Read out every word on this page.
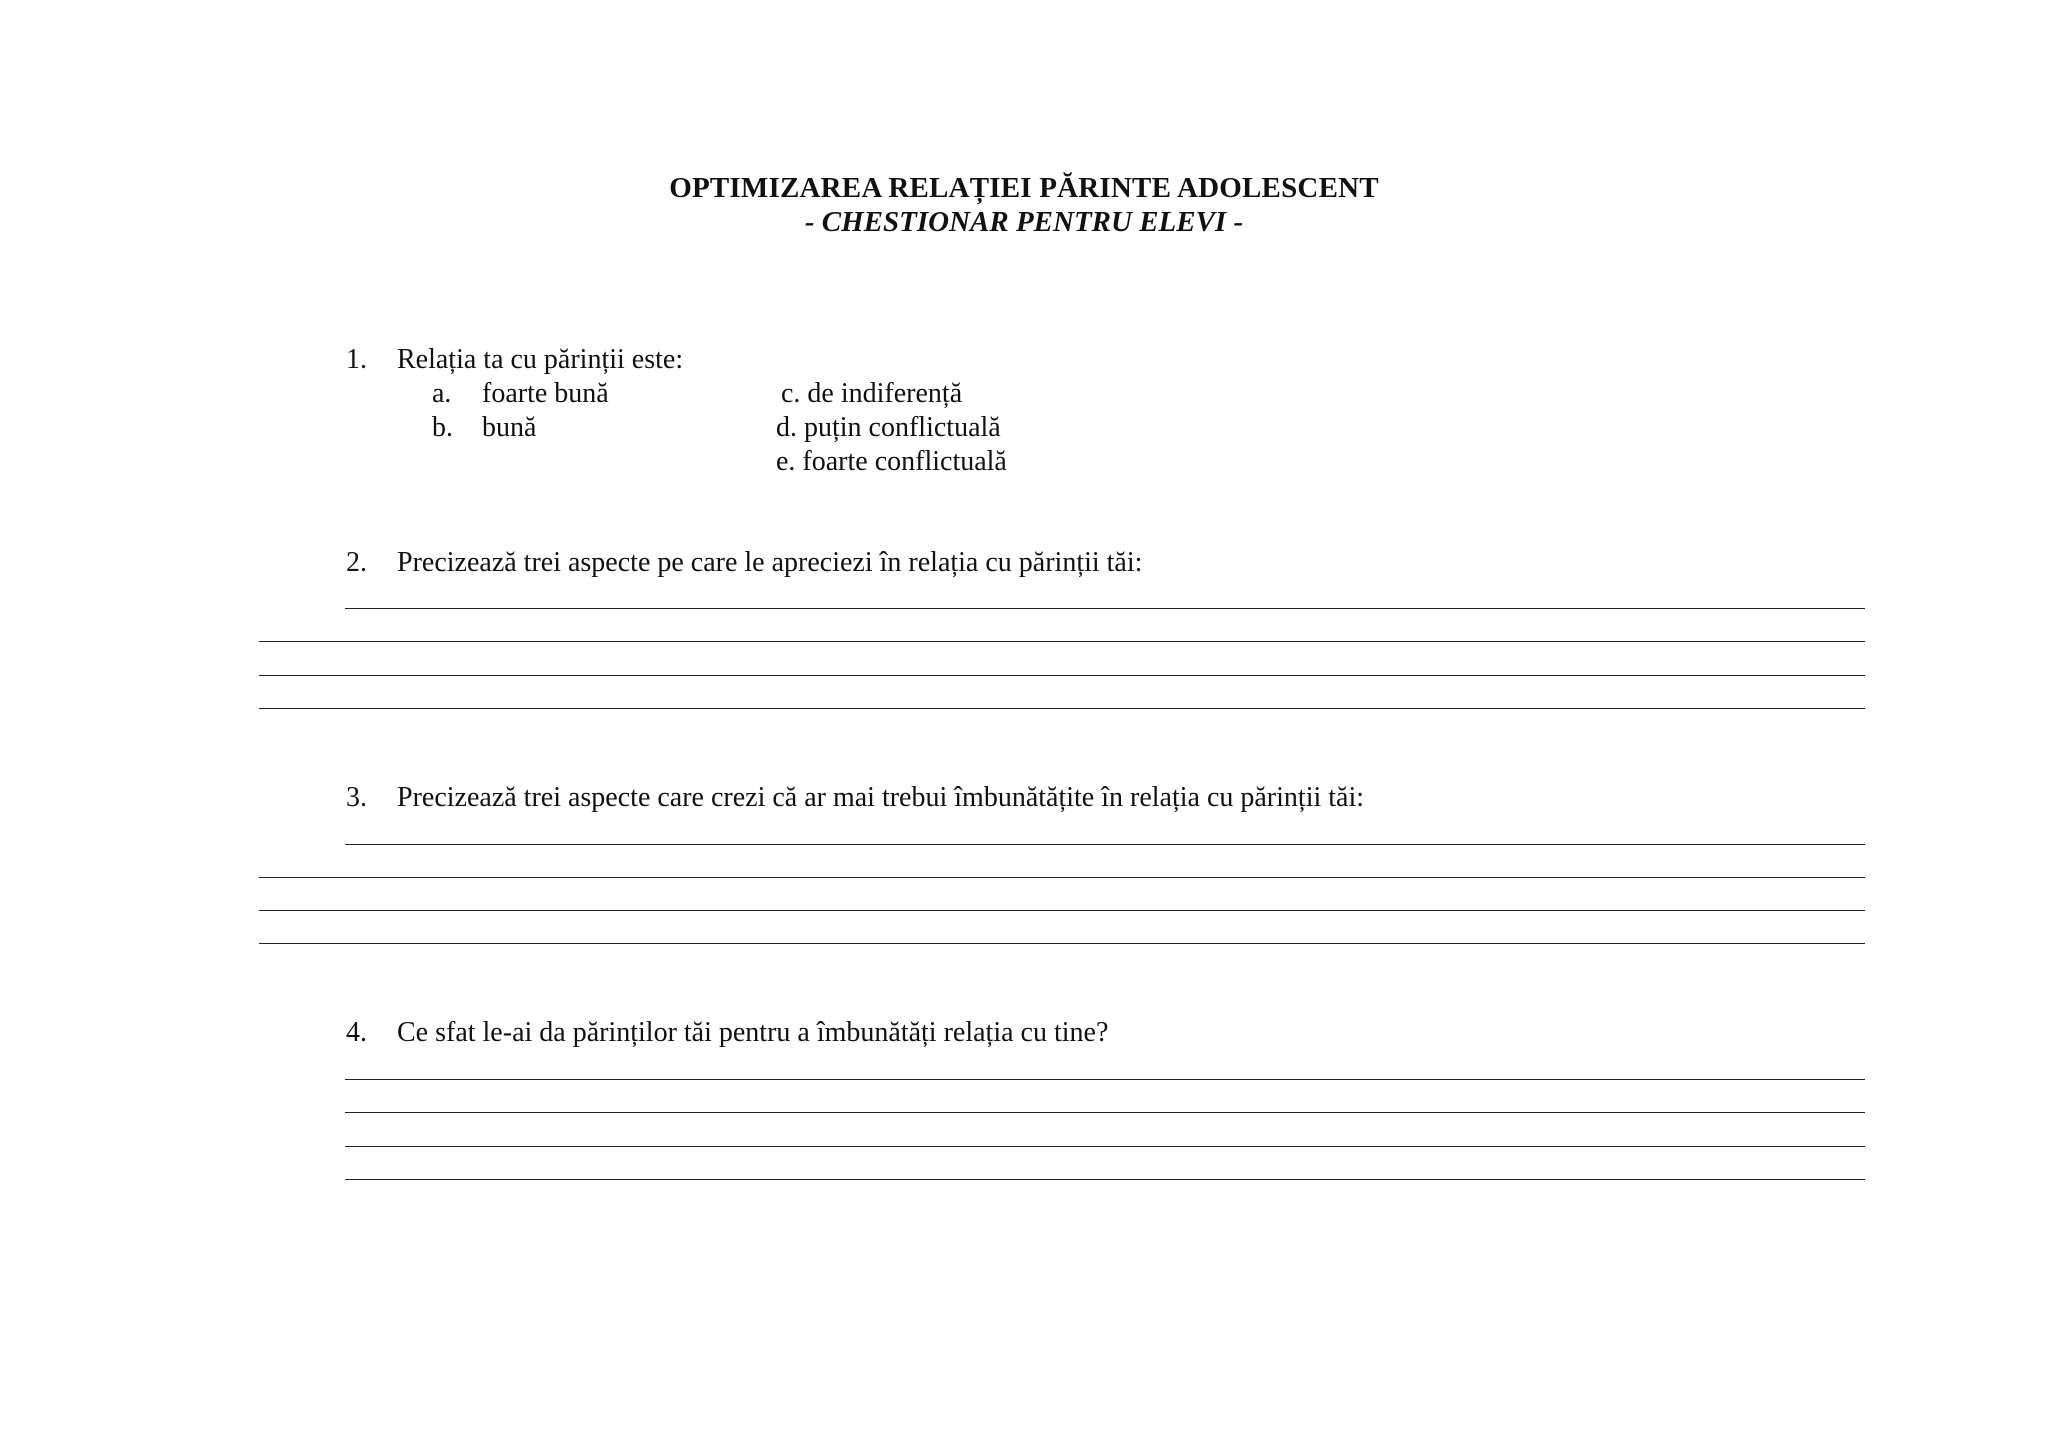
OPTIMIZAREA RELAȚIEI PĂRINTE ADOLESCENT
- CHESTIONAR PENTRU ELEVI -
1. Relația ta cu părinții este:
a. foarte bună
b. bună
c. de indiferență
d. puțin conflictuală
e. foarte conflictuală
2. Precizează trei aspecte pe care le apreciezi în relația cu părinții tăi:
3. Precizează trei aspecte care crezi că ar mai trebui îmbunătățite în relația cu părinții tăi:
4. Ce sfat le-ai da părinților tăi pentru a îmbunătăți relația cu tine?
